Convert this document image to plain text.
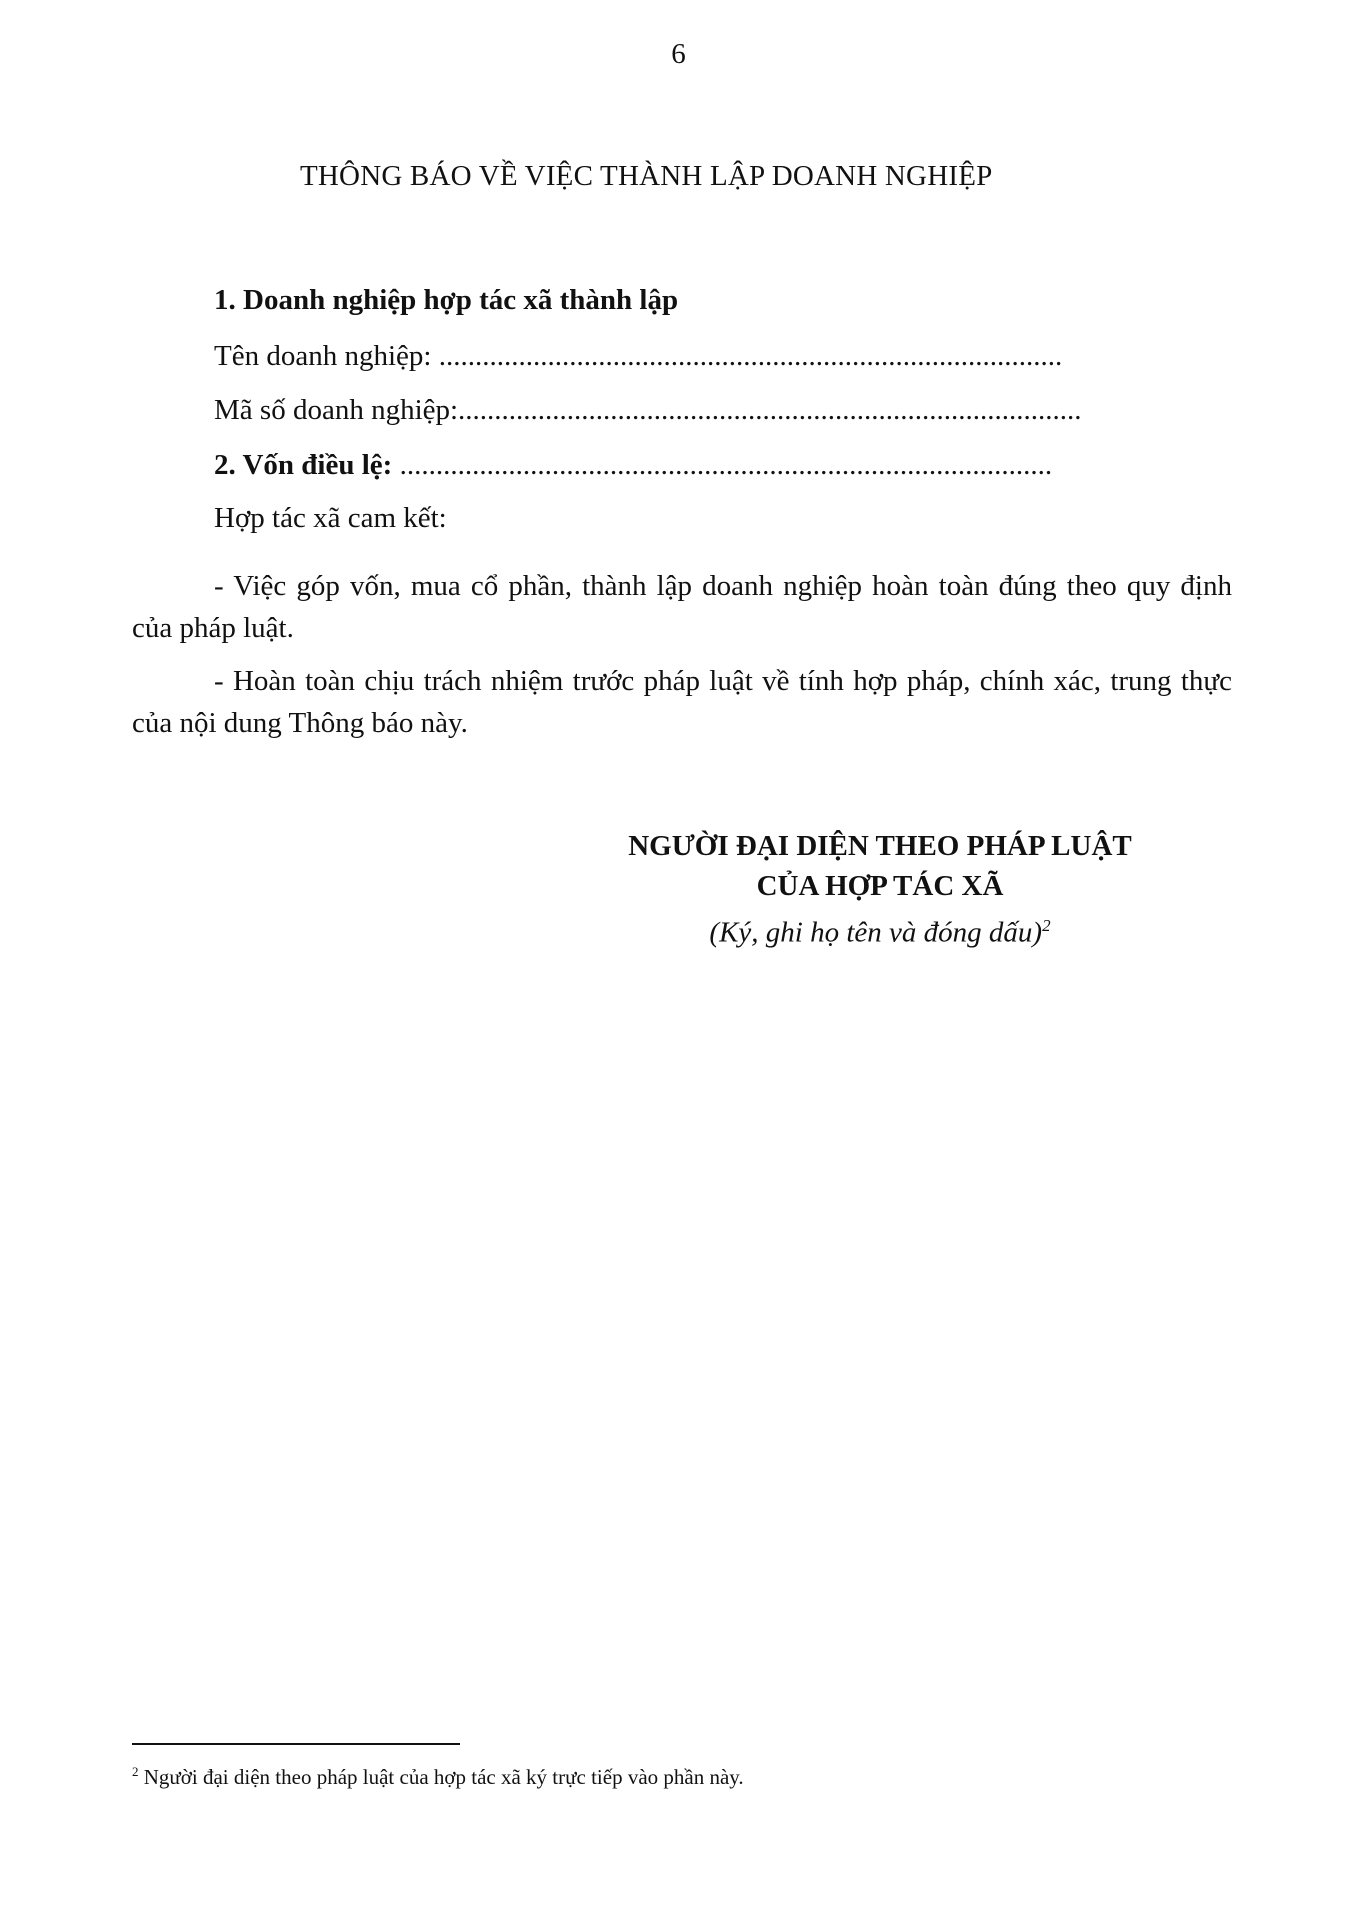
6
THÔNG BÁO VỀ VIỆC THÀNH LẬP DOANH NGHIỆP
1. Doanh nghiệp hợp tác xã thành lập
Tên doanh nghiệp: ......................................................................................
Mã số doanh nghiệp:......................................................................................
2. Vốn điều lệ: ..........................................................................................
Hợp tác xã cam kết:
- Việc góp vốn, mua cổ phần, thành lập doanh nghiệp hoàn toàn đúng theo quy định của pháp luật.
- Hoàn toàn chịu trách nhiệm trước pháp luật về tính hợp pháp, chính xác, trung thực của nội dung Thông báo này.
NGƯỜI ĐẠI DIỆN THEO PHÁP LUẬT
CỦA HỢP TÁC XÃ
(Ký, ghi họ tên và đóng dấu)$^2$
$^2$ Người đại diện theo pháp luật của hợp tác xã ký trực tiếp vào phần này.
